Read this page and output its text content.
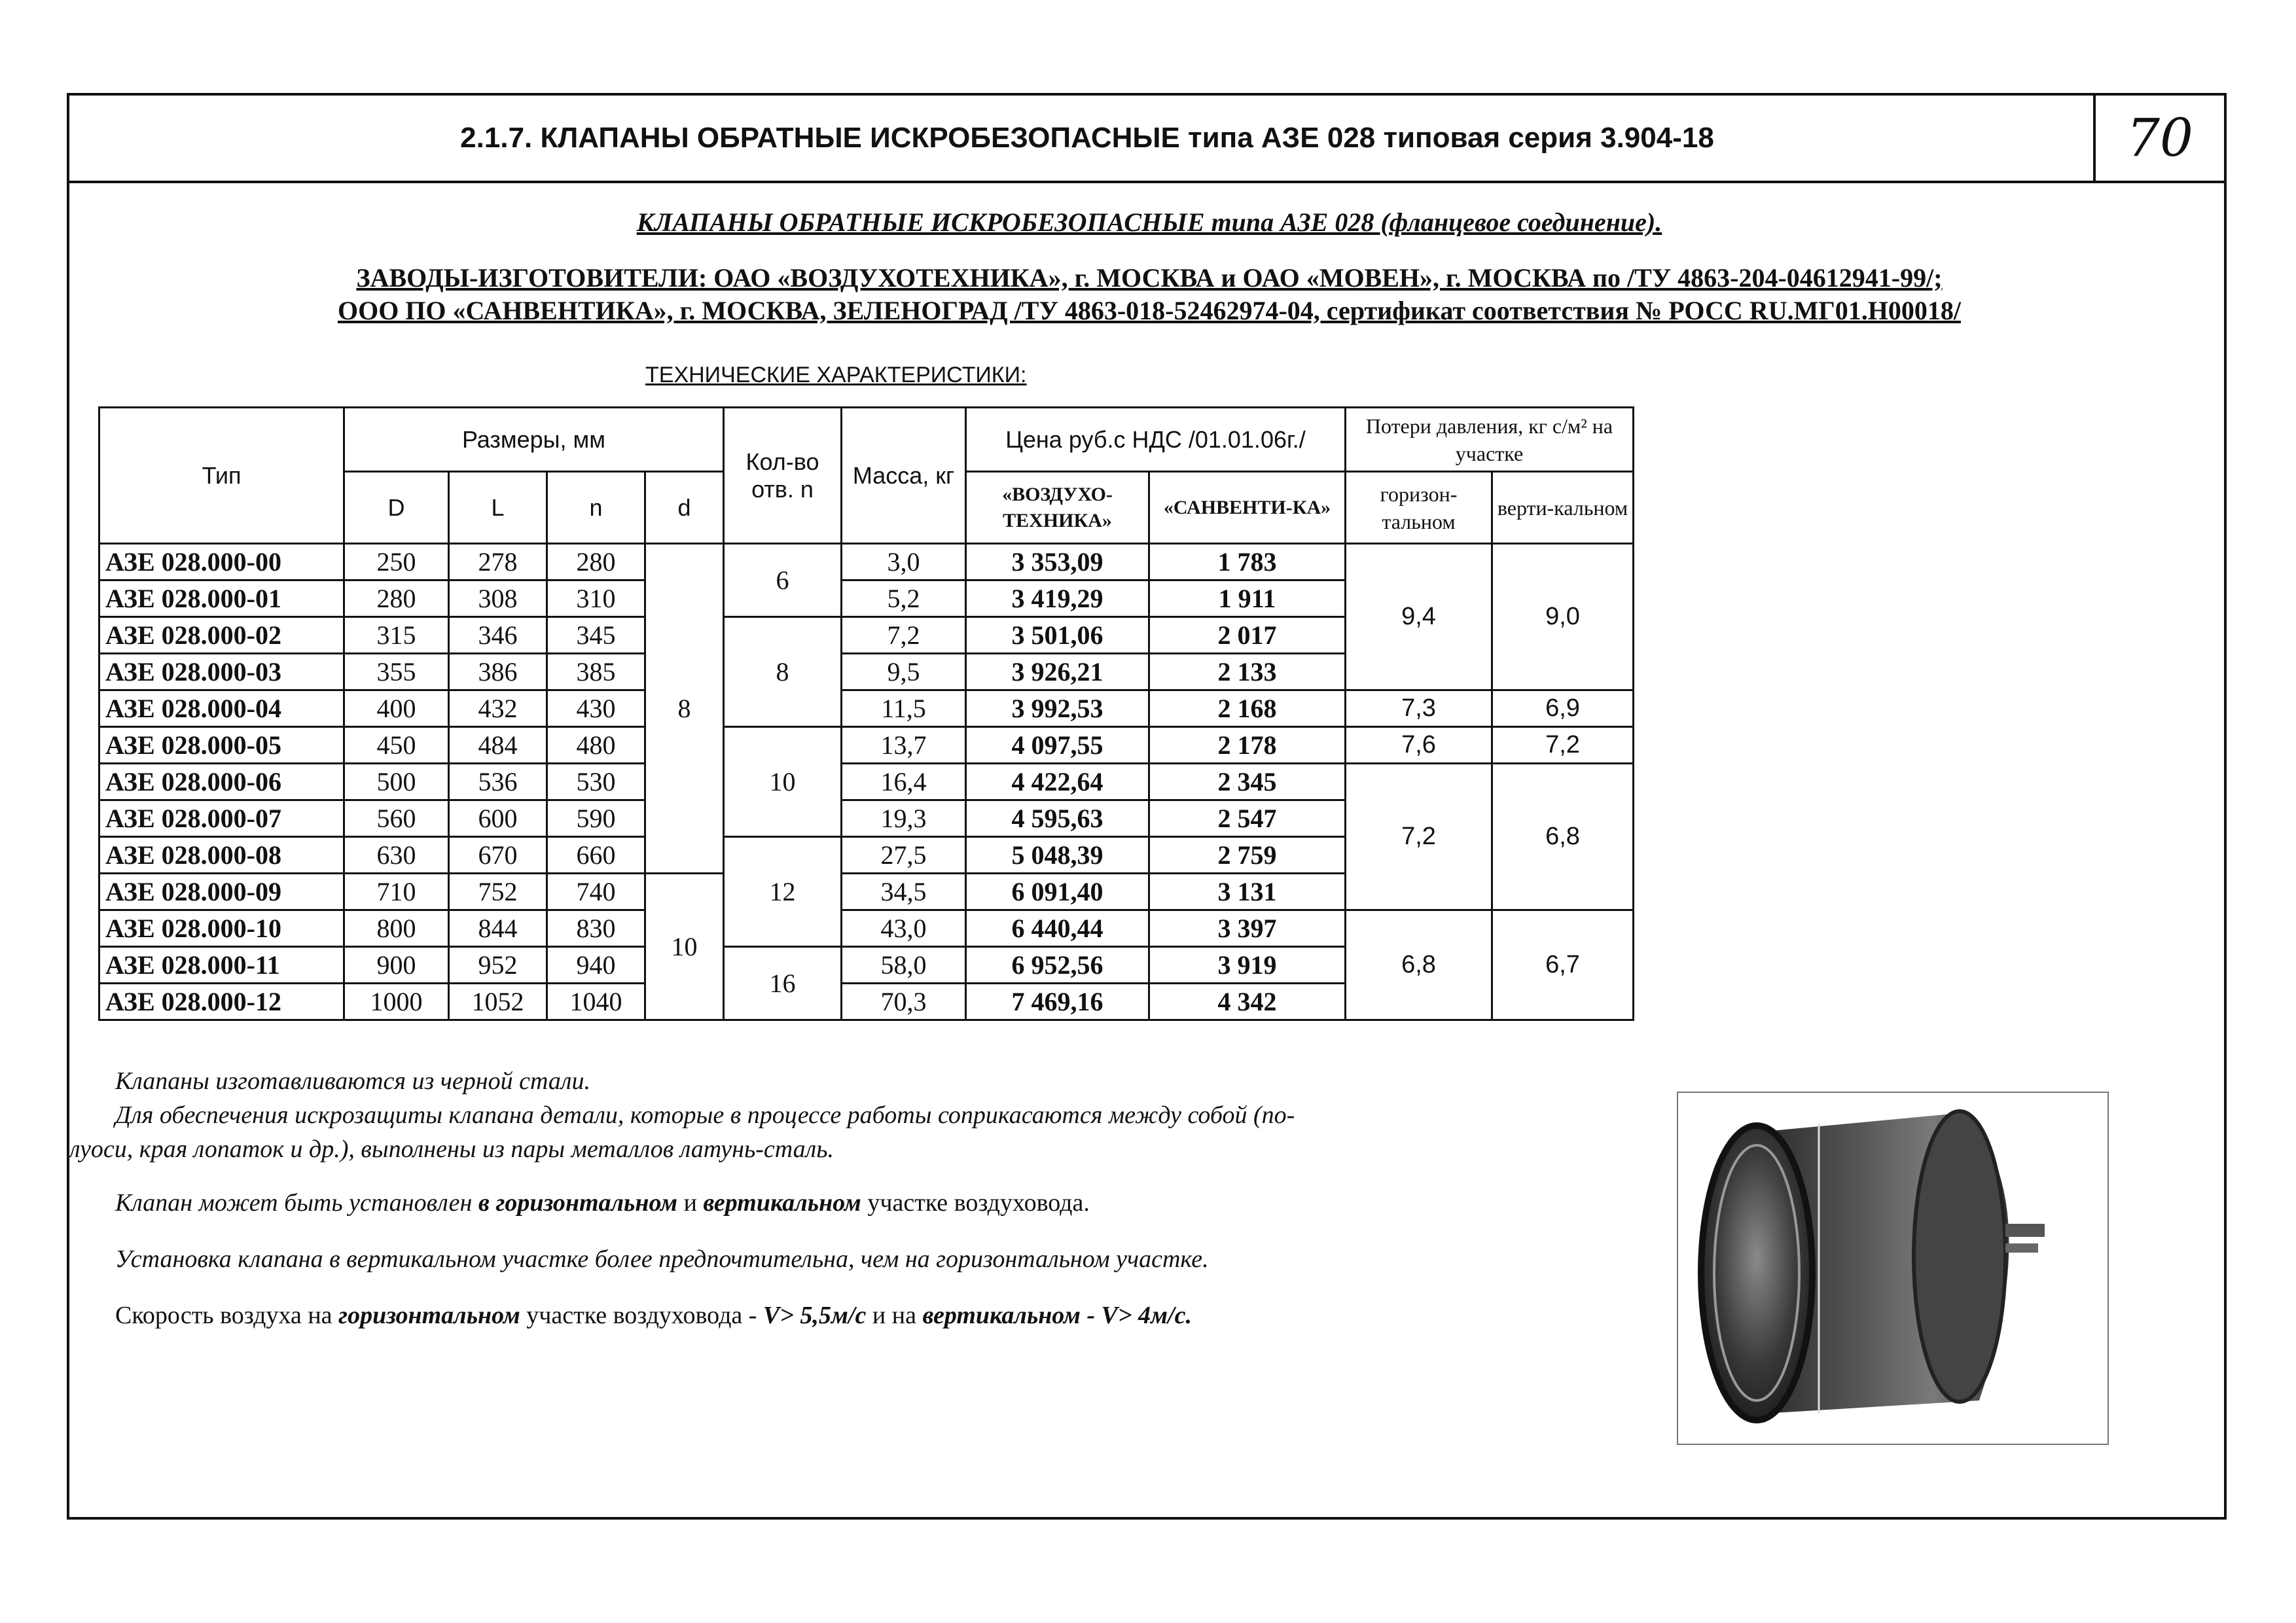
2.1.7. КЛАПАНЫ ОБРАТНЫЕ ИСКРОБЕЗОПАСНЫЕ типа АЗЕ 028 типовая серия 3.904-18	70
КЛАПАНЫ ОБРАТНЫЕ ИСКРОБЕЗОПАСНЫЕ типа АЗЕ 028 (фланцевое соединение).
ЗАВОДЫ-ИЗГОТОВИТЕЛИ: ОАО «ВОЗДУХОТЕХНИКА», г. МОСКВА и ОАО «МОВЕН», г. МОСКВА по /ТУ 4863-204-04612941-99/;
ООО ПО «САНВЕНТИКА», г. МОСКВА, ЗЕЛЕНОГРАД /ТУ 4863-018-52462974-04, сертификат соответствия № РОСС RU.МГ01.Н00018/
ТЕХНИЧЕСКИЕ ХАРАКТЕРИСТИКИ:
Тип	Размеры, мм				Кол-во отв. n	Масса, кг	Цена руб.с НДС /01.01.06г./		Потери давления, кг с/м² на участке	
	D	L	n	d			«ВОЗДУХО-ТЕХНИКА»	«САНВЕНТИ-КА»	горизон-тальном	верти-кальном
АЗЕ 028.000-00	250	278	280	8	6	3,0	3 353,09	1 783	9,4	9,0
АЗЕ 028.000-01	280	308	310			5,2	3 419,29	1 911		
АЗЕ 028.000-02	315	346	345		8	7,2	3 501,06	2 017		
АЗЕ 028.000-03	355	386	385			9,5	3 926,21	2 133		
АЗЕ 028.000-04	400	432	430			11,5	3 992,53	2 168	7,3	6,9
АЗЕ 028.000-05	450	484	480		10	13,7	4 097,55	2 178	7,6	7,2
АЗЕ 028.000-06	500	536	530			16,4	4 422,64	2 345	7,2	6,8
АЗЕ 028.000-07	560	600	590			19,3	4 595,63	2 547		
АЗЕ 028.000-08	630	670	660		12	27,5	5 048,39	2 759		
АЗЕ 028.000-09	710	752	740	10		34,5	6 091,40	3 131		
АЗЕ 028.000-10	800	844	830			43,0	6 440,44	3 397	6,8	6,7
АЗЕ 028.000-11	900	952	940		16	58,0	6 952,56	3 919		
АЗЕ 028.000-12	1000	1052	1040			70,3	7 469,16	4 342		

Клапаны изготавливаются из черной стали.

Для обеспечения искрозащиты клапана детали, которые в процессе работы соприкасаются между собой (по-

луоси, края лопаток и др.), выполнены из пары металлов латунь-сталь.

Клапан может быть установлен в горизонтальном и вертикальном участке воздуховода.

Установка клапана в вертикальном участке более предпочтительна, чем на горизонтальном участке.

Скорость воздуха на горизонтальном участке воздуховода - V> 5,5м/с и на вертикальном - V> 4м/с.
